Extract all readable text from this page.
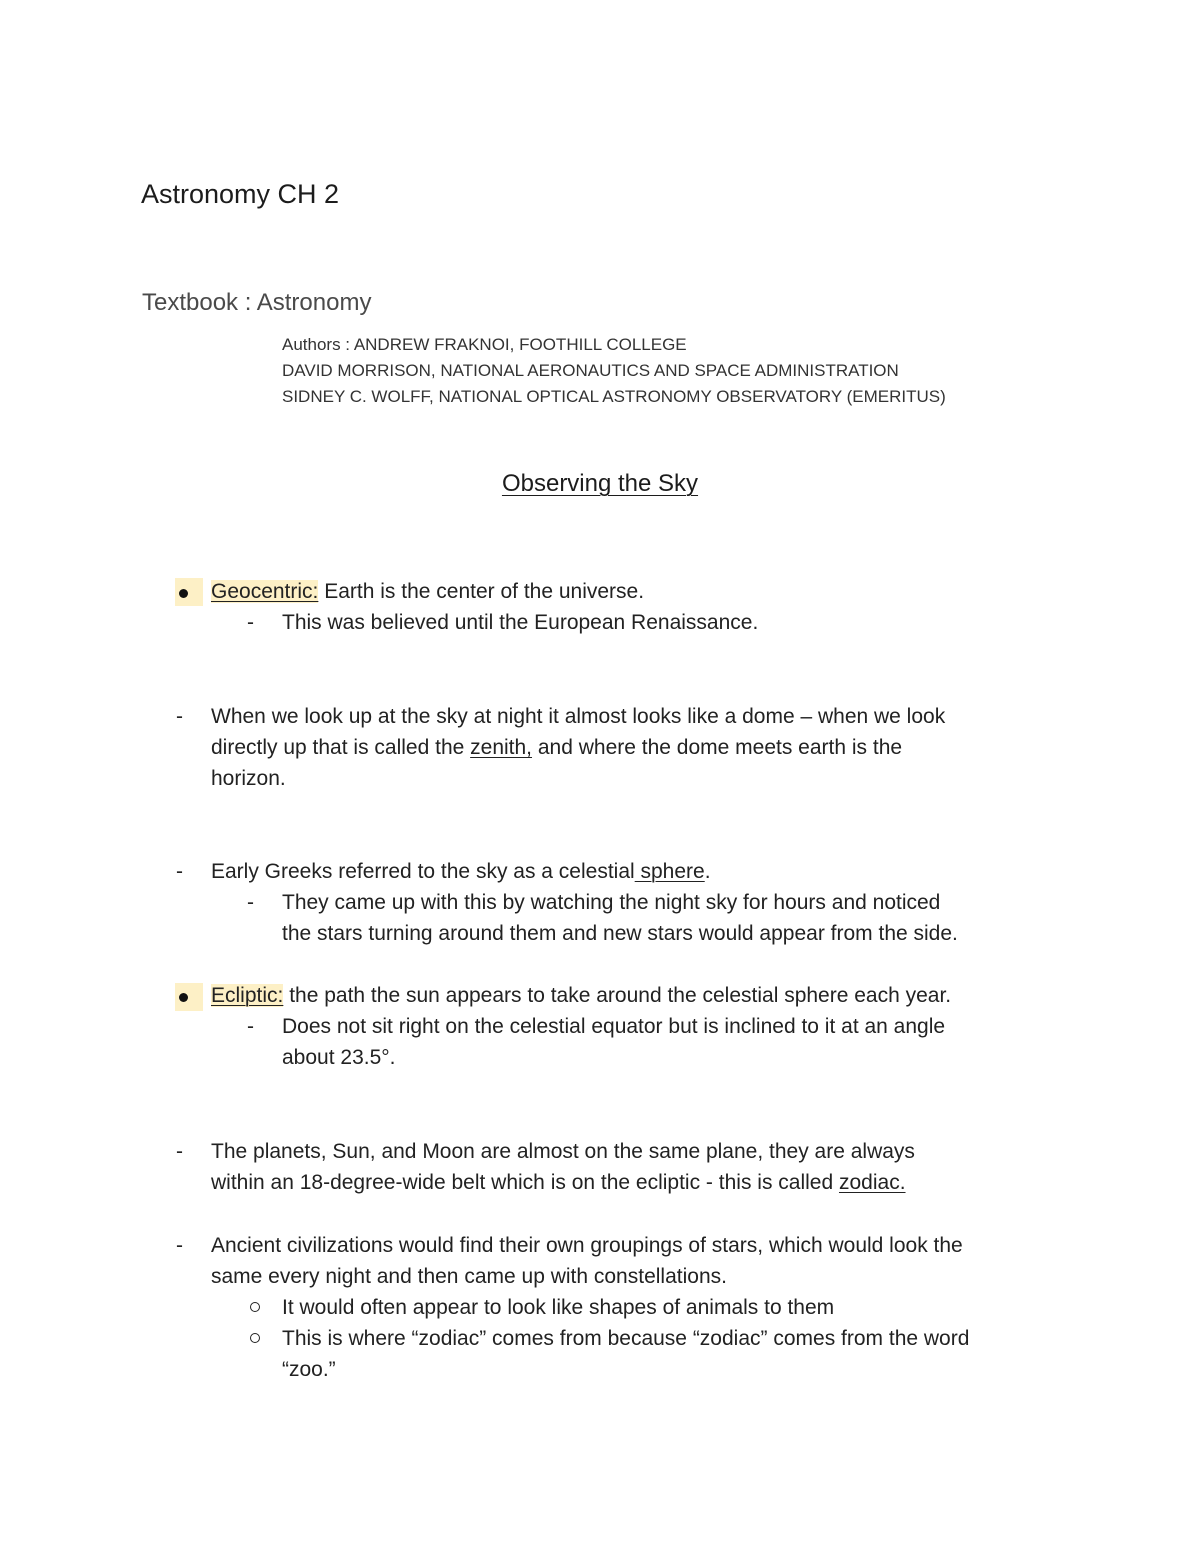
Astronomy CH 2
Textbook : Astronomy
Authors : ANDREW FRAKNOI, FOOTHILL COLLEGE
DAVID MORRISON, NATIONAL AERONAUTICS AND SPACE ADMINISTRATION
SIDNEY C. WOLFF, NATIONAL OPTICAL ASTRONOMY OBSERVATORY (EMERITUS)
Observing the Sky
Geocentric: Earth is the center of the universe.
- This was believed until the European Renaissance.
- When we look up at the sky at night it almost looks like a dome – when we look
directly up that is called the zenith, and where the dome meets earth is the
horizon.
- Early Greeks referred to the sky as a celestial sphere.
- They came up with this by watching the night sky for hours and noticed
the stars turning around them and new stars would appear from the side.
Ecliptic: the path the sun appears to take around the celestial sphere each year.
- Does not sit right on the celestial equator but is inclined to it at an angle
about 23.5°.
- The planets, Sun, and Moon are almost on the same plane, they are always
within an 18-degree-wide belt which is on the ecliptic - this is called zodiac.
- Ancient civilizations would find their own groupings of stars, which would look the
same every night and then came up with constellations.
It would often appear to look like shapes of animals to them
This is where “zodiac” comes from because “zodiac” comes from the word
“zoo.”
